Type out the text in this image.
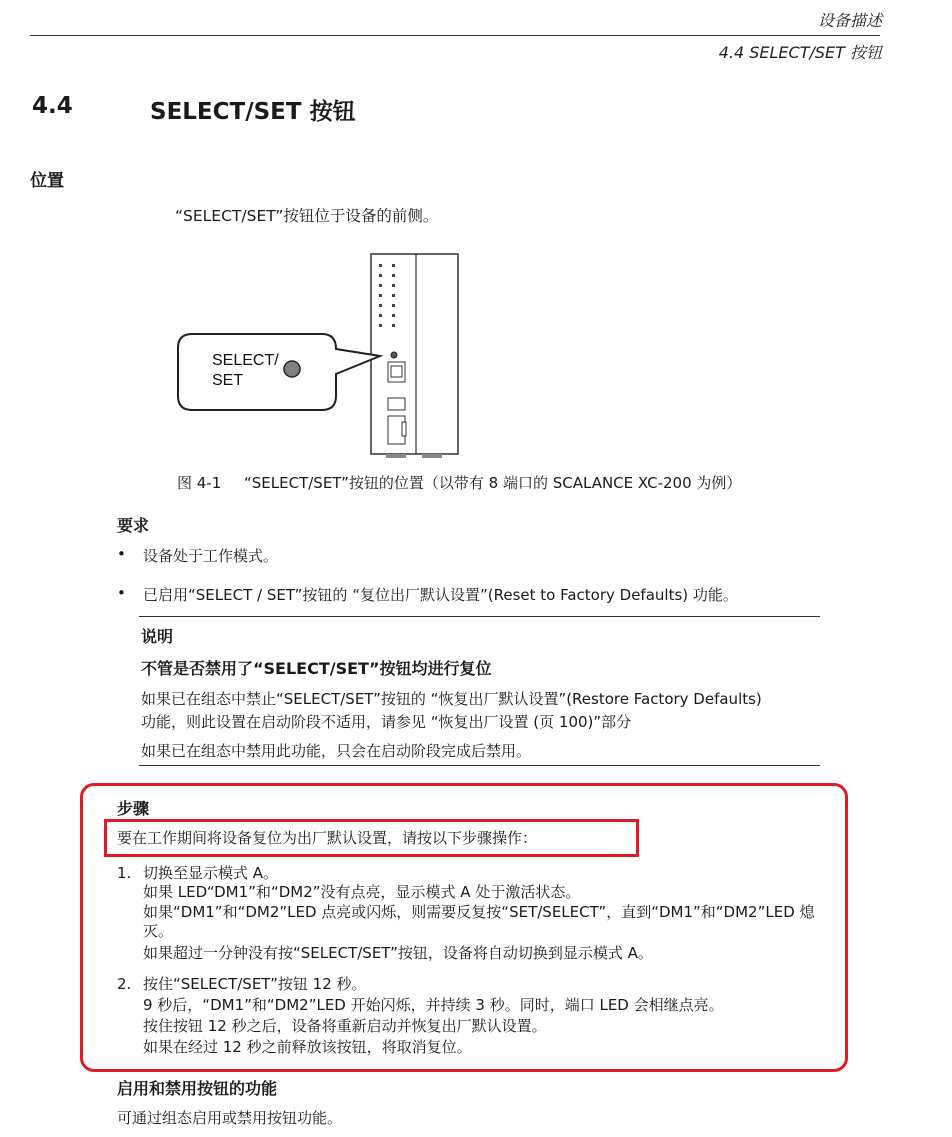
设备描述
4.4 SELECT/SET 按钮
4.4	SELECT/SET 按钮
位置
“SELECT/SET”按钮位于设备的前侧。
SELECT/
SET
图 4-1 “SELECT/SET”按钮的位置（以带有 8 端口的 SCALANCE XC-200 为例）
要求
• 设备处于工作模式。
• 已启用“SELECT / SET”按钮的 “复位出厂默认设置”(Reset to Factory Defaults) 功能。
说明
不管是否禁用了“SELECT/SET”按钮均进行复位
如果已在组态中禁止“SELECT/SET”按钮的 “恢复出厂默认设置”(Restore Factory Defaults)
功能，则此设置在启动阶段不适用，请参见 “恢复出厂设置 (页 100)”部分
如果已在组态中禁用此功能，只会在启动阶段完成后禁用。
步骤
要在工作期间将设备复位为出厂默认设置，请按以下步骤操作：
1. 切换至显示模式 A。
如果 LED“DM1”和“DM2”没有点亮，显示模式 A 处于激活状态。
如果“DM1”和“DM2”LED 点亮或闪烁，则需要反复按“SET/SELECT”，直到“DM1”和“DM2”LED 熄
灭。
如果超过一分钟没有按“SELECT/SET”按钮，设备将自动切换到显示模式 A。
2. 按住“SELECT/SET”按钮 12 秒。
9 秒后，“DM1”和“DM2”LED 开始闪烁，并持续 3 秒。同时，端口 LED 会相继点亮。
按住按钮 12 秒之后，设备将重新启动并恢复出厂默认设置。
如果在经过 12 秒之前释放该按钮，将取消复位。
启用和禁用按钮的功能
可通过组态启用或禁用按钮功能。
